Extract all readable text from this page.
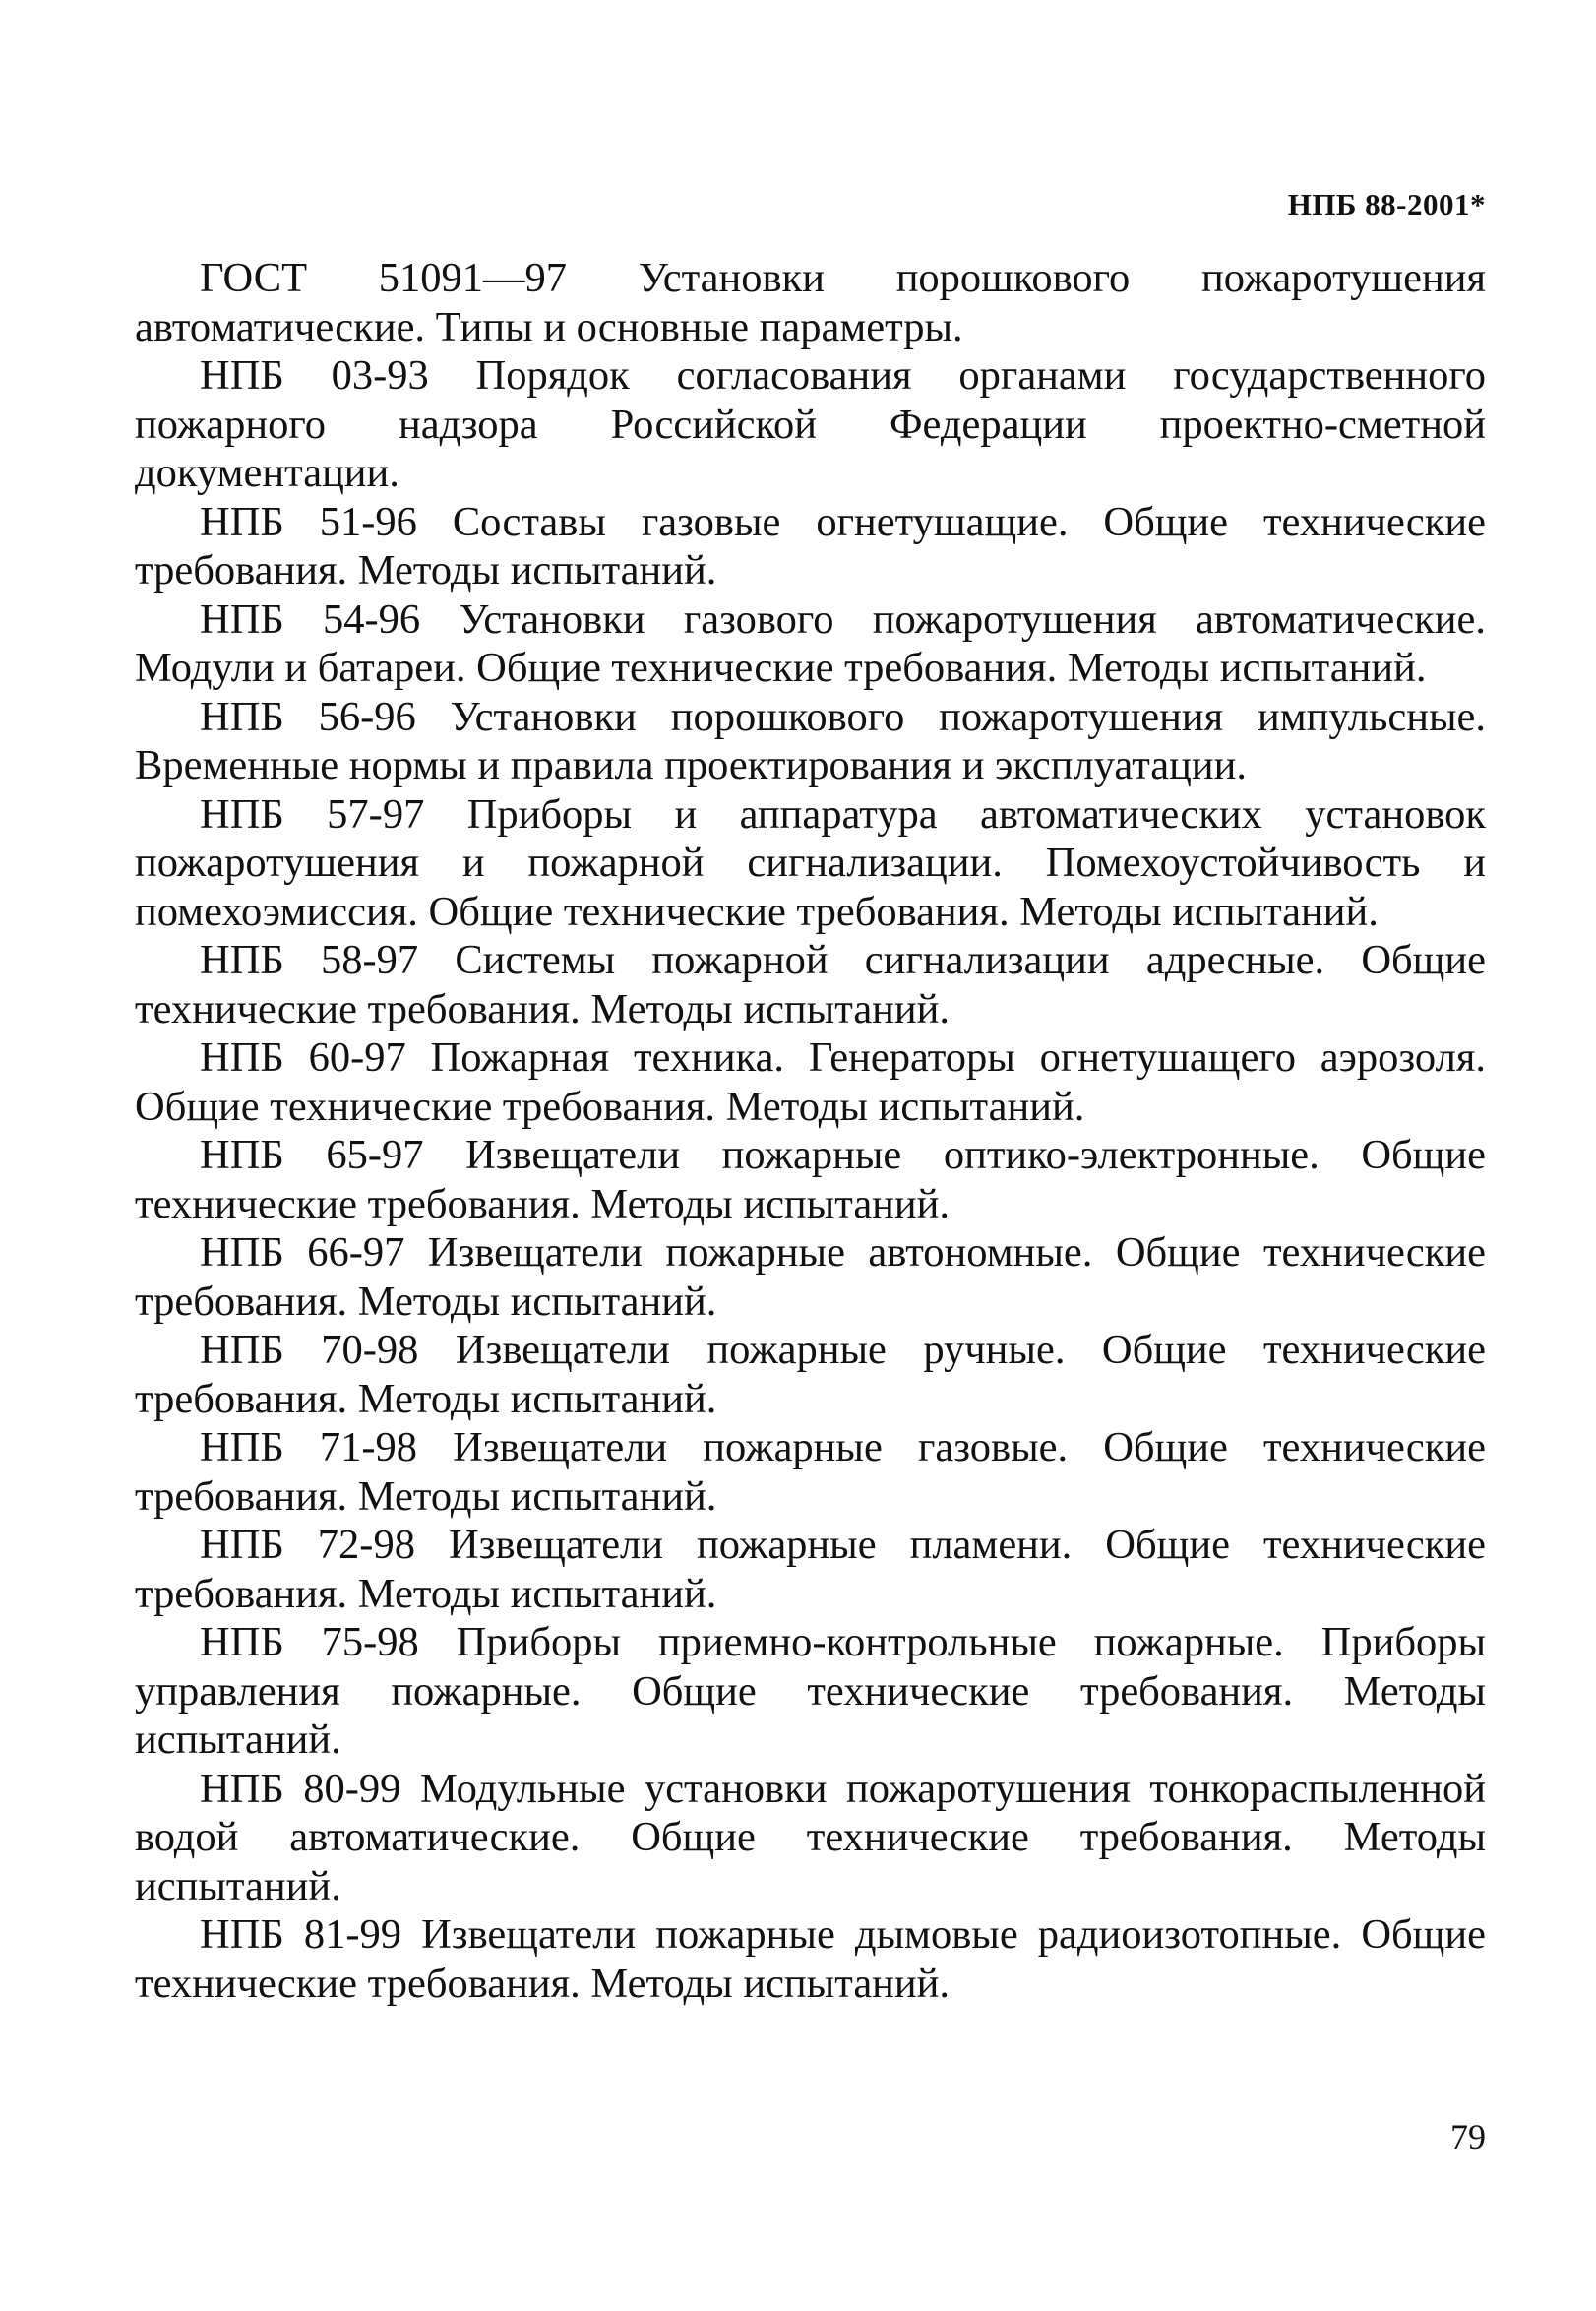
НПБ 88-2001*

ГОСТ 51091—97 Установки порошкового пожаротушения автоматические. Типы и основные параметры.

НПБ 03-93 Порядок согласования органами государственного пожарного надзора Российской Федерации проектно-сметной документации.

НПБ 51-96 Составы газовые огнетушащие. Общие технические требования. Методы испытаний.

НПБ 54-96 Установки газового пожаротушения автоматические. Модули и батареи. Общие технические требования. Методы испытаний.

НПБ 56-96 Установки порошкового пожаротушения импульсные. Временные нормы и правила проектирования и эксплуатации.

НПБ 57-97 Приборы и аппаратура автоматических установок пожаротушения и пожарной сигнализации. Помехоустойчивость и помехоэмиссия. Общие технические требования. Методы испытаний.

НПБ 58-97 Системы пожарной сигнализации адресные. Общие технические требования. Методы испытаний.

НПБ 60-97 Пожарная техника. Генераторы огнетушащего аэрозоля. Общие технические требования. Методы испытаний.

НПБ 65-97 Извещатели пожарные оптико-электронные. Общие технические требования. Методы испытаний.

НПБ 66-97 Извещатели пожарные автономные. Общие технические требования. Методы испытаний.

НПБ 70-98 Извещатели пожарные ручные. Общие технические требования. Методы испытаний.

НПБ 71-98 Извещатели пожарные газовые. Общие технические требования. Методы испытаний.

НПБ 72-98 Извещатели пожарные пламени. Общие технические требования. Методы испытаний.

НПБ 75-98 Приборы приемно-контрольные пожарные. Приборы управления пожарные. Общие технические требования. Методы испытаний.

НПБ 80-99 Модульные установки пожаротушения тонкораспыленной водой автоматические. Общие технические требования. Методы испытаний.

НПБ 81-99 Извещатели пожарные дымовые радиоизотопные. Общие технические требования. Методы испытаний.

79
